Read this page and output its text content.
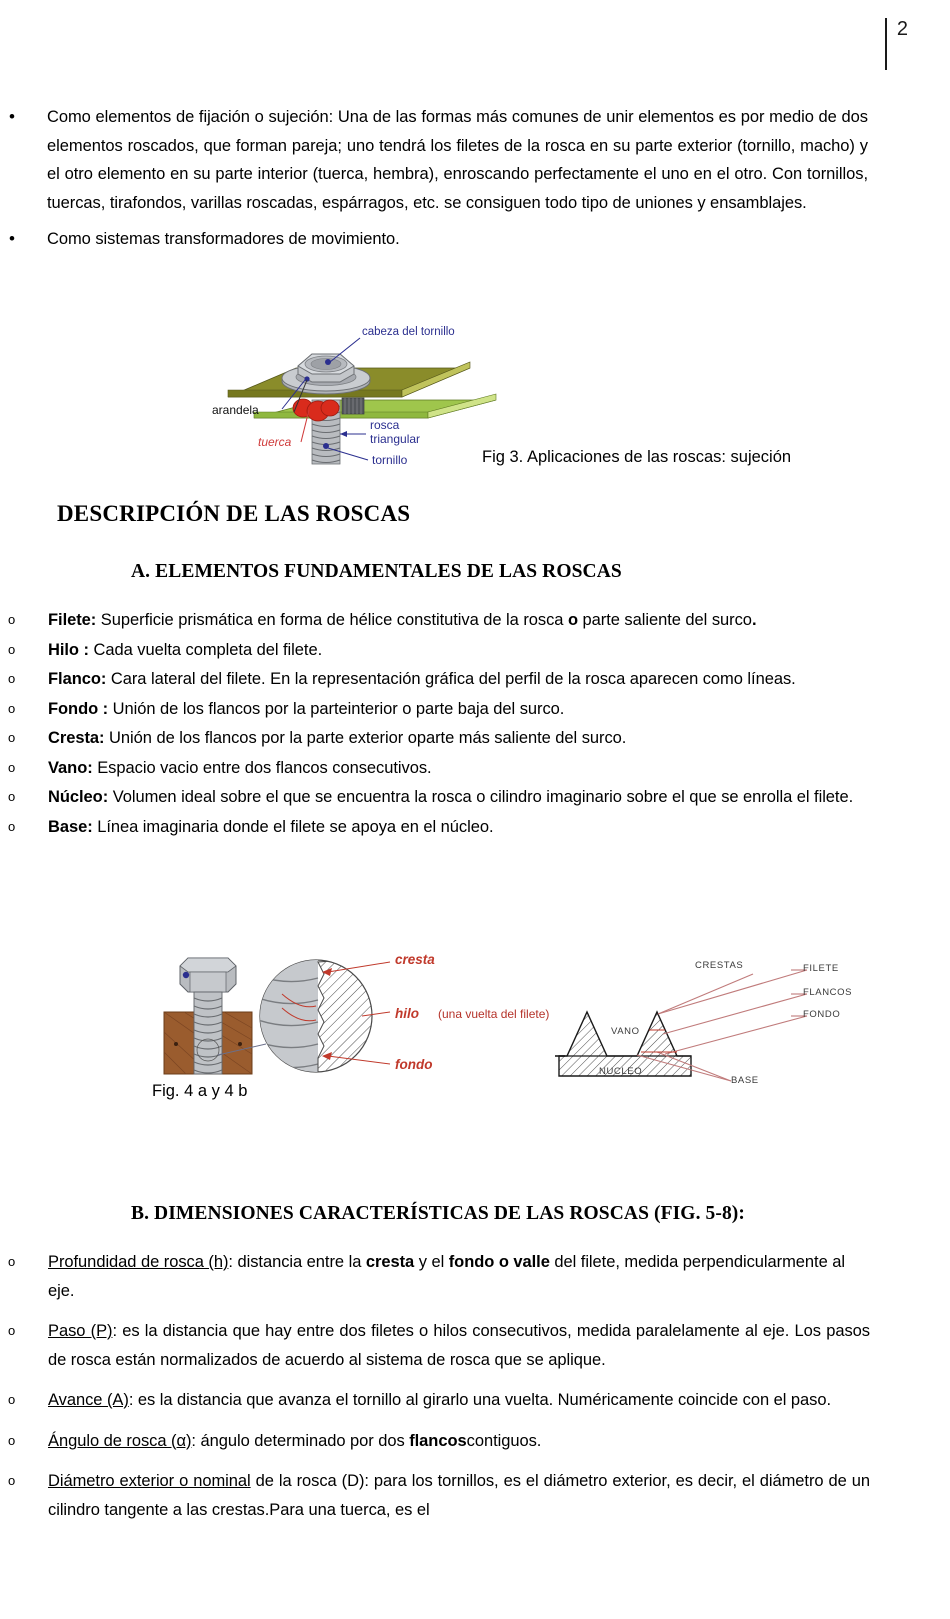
2
•	Como elementos de fijación o sujeción: Una de las formas más comunes de unir elementos es por medio de dos elementos roscados, que forman pareja; uno tendrá los filetes de la rosca en su parte exterior (tornillo, macho) y el otro elemento en su parte interior (tuerca, hembra), enroscando perfectamente el uno en el otro. Con tornillos, tuercas, tirafondos, varillas roscadas, espárragos, etc. se consiguen todo tipo de uniones y ensamblajes.
•	Como sistemas transformadores de movimiento.
cabeza del tornillo
arandela
tuerca
rosca
triangular
tornillo	Fig 3. Aplicaciones de las roscas: sujeción
DESCRIPCIÓN DE LAS ROSCAS
A. ELEMENTOS FUNDAMENTALES DE LAS ROSCAS
o	Filete: Superficie prismática en forma de hélice constitutiva de la rosca o parte saliente del surco.
o	Hilo : Cada vuelta completa del filete.
o	Flanco: Cara lateral del filete. En la representación gráfica del perfil de la rosca aparecen como líneas.
o	Fondo : Unión de los flancos por la parteinterior o parte baja del surco.
o	Cresta: Unión de los flancos por la parte exterior oparte más saliente del surco.
o	Vano: Espacio vacio entre dos flancos consecutivos.
o	Núcleo: Volumen ideal sobre el que se encuentra la rosca o cilindro imaginario sobre el que se enrolla el filete.
o	Base: Línea imaginaria donde el filete se apoya en el núcleo.
cresta
hilo (una vuelta del filete)
fondo
CRESTAS	FILETE
FLANCOS
FONDO
VANO
NUCLEO
BASE
Fig. 4 a y 4 b
B. DIMENSIONES CARACTERÍSTICAS DE LAS ROSCAS (FIG. 5-8):
o	Profundidad de rosca (h): distancia entre la cresta y el fondo o valle del filete, medida perpendicularmente al eje.
o	Paso (P): es la distancia que hay entre dos filetes o hilos consecutivos, medida paralelamente al eje. Los pasos de rosca están normalizados de acuerdo al sistema de rosca que se aplique.
o	Avance (A): es la distancia que avanza el tornillo al girarlo una vuelta. Numéricamente coincide con el paso.
o	Ángulo de rosca (α): ángulo determinado por dos flancoscontiguos.
o	Diámetro exterior o nominal de la rosca (D): para los tornillos, es el diámetro exterior, es decir, el diámetro de un cilindro tangente a las crestas.Para una tuerca, es el
